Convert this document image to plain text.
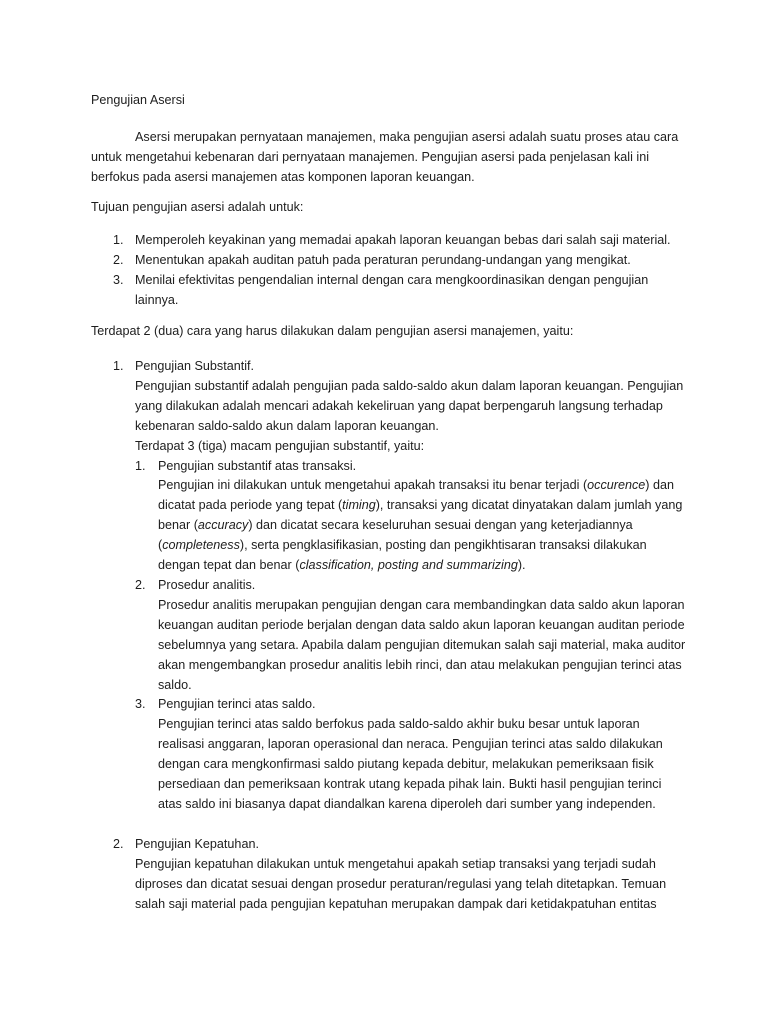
Pengujian Asersi
Asersi merupakan pernyataan manajemen, maka pengujian asersi adalah suatu proses atau cara untuk mengetahui kebenaran dari pernyataan manajemen. Pengujian asersi pada penjelasan kali ini berfokus pada asersi manajemen atas komponen laporan keuangan.
Tujuan pengujian asersi adalah untuk:
1. Memperoleh keyakinan yang memadai apakah laporan keuangan bebas dari salah saji material.
2. Menentukan apakah auditan patuh pada peraturan perundang-undangan yang mengikat.
3. Menilai efektivitas pengendalian internal dengan cara mengkoordinasikan dengan pengujian lainnya.
Terdapat 2 (dua) cara yang harus dilakukan dalam pengujian asersi manajemen, yaitu:
1. Pengujian Substantif.
Pengujian substantif adalah pengujian pada saldo-saldo akun dalam laporan keuangan. Pengujian yang dilakukan adalah mencari adakah kekeliruan yang dapat berpengaruh langsung terhadap kebenaran saldo-saldo akun dalam laporan keuangan.
Terdapat 3 (tiga) macam pengujian substantif, yaitu:
1. Pengujian substantif atas transaksi.
Pengujian ini dilakukan untuk mengetahui apakah transaksi itu benar terjadi (occurence) dan dicatat pada periode yang tepat (timing), transaksi yang dicatat dinyatakan dalam jumlah yang benar (accuracy) dan dicatat secara keseluruhan sesuai dengan yang keterjadiannya (completeness), serta pengklasifikasian, posting dan pengikhtisaran transaksi dilakukan dengan tepat dan benar (classification, posting and summarizing).
2. Prosedur analitis.
Prosedur analitis merupakan pengujian dengan cara membandingkan data saldo akun laporan keuangan auditan periode berjalan dengan data saldo akun laporan keuangan auditan periode sebelumnya yang setara. Apabila dalam pengujian ditemukan salah saji material, maka auditor akan mengembangkan prosedur analitis lebih rinci, dan atau melakukan pengujian terinci atas saldo.
3. Pengujian terinci atas saldo.
Pengujian terinci atas saldo berfokus pada saldo-saldo akhir buku besar untuk laporan realisasi anggaran, laporan operasional dan neraca. Pengujian terinci atas saldo dilakukan dengan cara mengkonfirmasi saldo piutang kepada debitur, melakukan pemeriksaan fisik persediaan dan pemeriksaan kontrak utang kepada pihak lain. Bukti hasil pengujian terinci atas saldo ini biasanya dapat diandalkan karena diperoleh dari sumber yang independen.
2. Pengujian Kepatuhan.
Pengujian kepatuhan dilakukan untuk mengetahui apakah setiap transaksi yang terjadi sudah diproses dan dicatat sesuai dengan prosedur peraturan/regulasi yang telah ditetapkan. Temuan salah saji material pada pengujian kepatuhan merupakan dampak dari ketidakpatuhan entitas
